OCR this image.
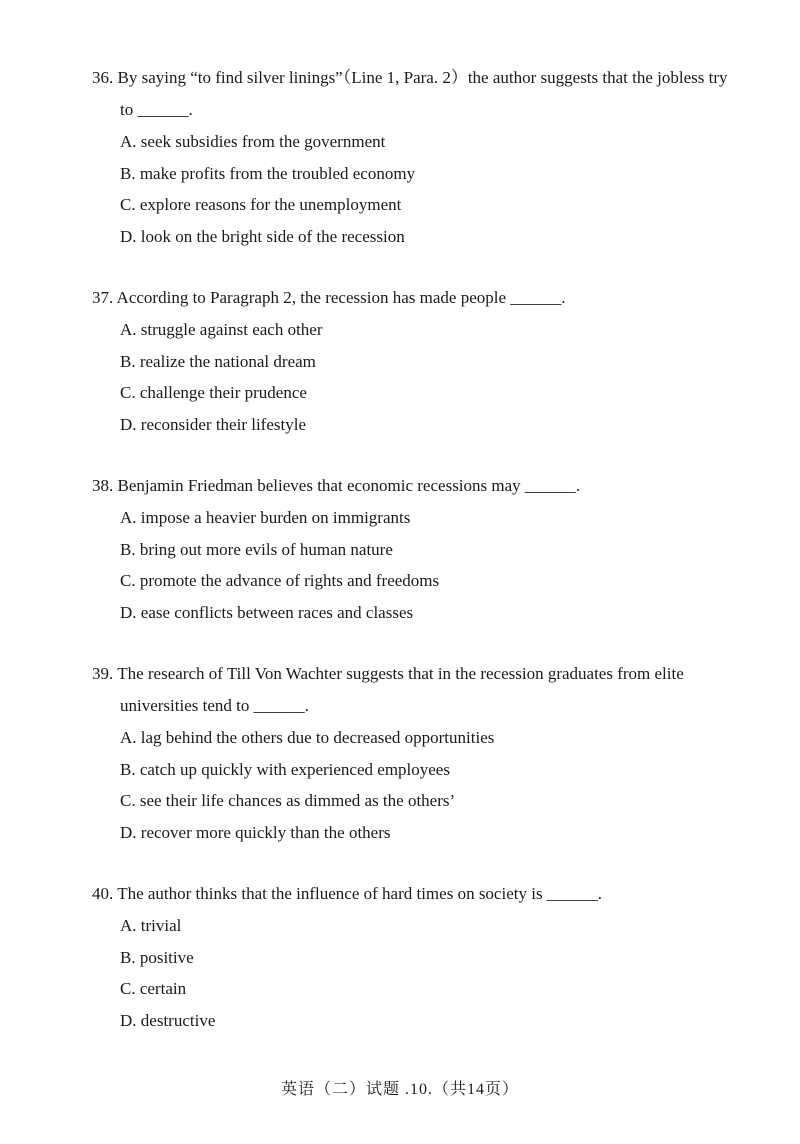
36. By saying “to find silver linings”（Line 1, Para. 2）the author suggests that the jobless try to ______.
A. seek subsidies from the government
B. make profits from the troubled economy
C. explore reasons for the unemployment
D. look on the bright side of the recession
37. According to Paragraph 2, the recession has made people ______.
A. struggle against each other
B. realize the national dream
C. challenge their prudence
D. reconsider their lifestyle
38. Benjamin Friedman believes that economic recessions may ______.
A. impose a heavier burden on immigrants
B. bring out more evils of human nature
C. promote the advance of rights and freedoms
D. ease conflicts between races and classes
39. The research of Till Von Wachter suggests that in the recession graduates from elite universities tend to ______.
A. lag behind the others due to decreased opportunities
B. catch up quickly with experienced employees
C. see their life chances as dimmed as the others’
D. recover more quickly than the others
40. The author thinks that the influence of hard times on society is ______.
A. trivial
B. positive
C. certain
D. destructive
英语（二）试题 .10.（共14页）
